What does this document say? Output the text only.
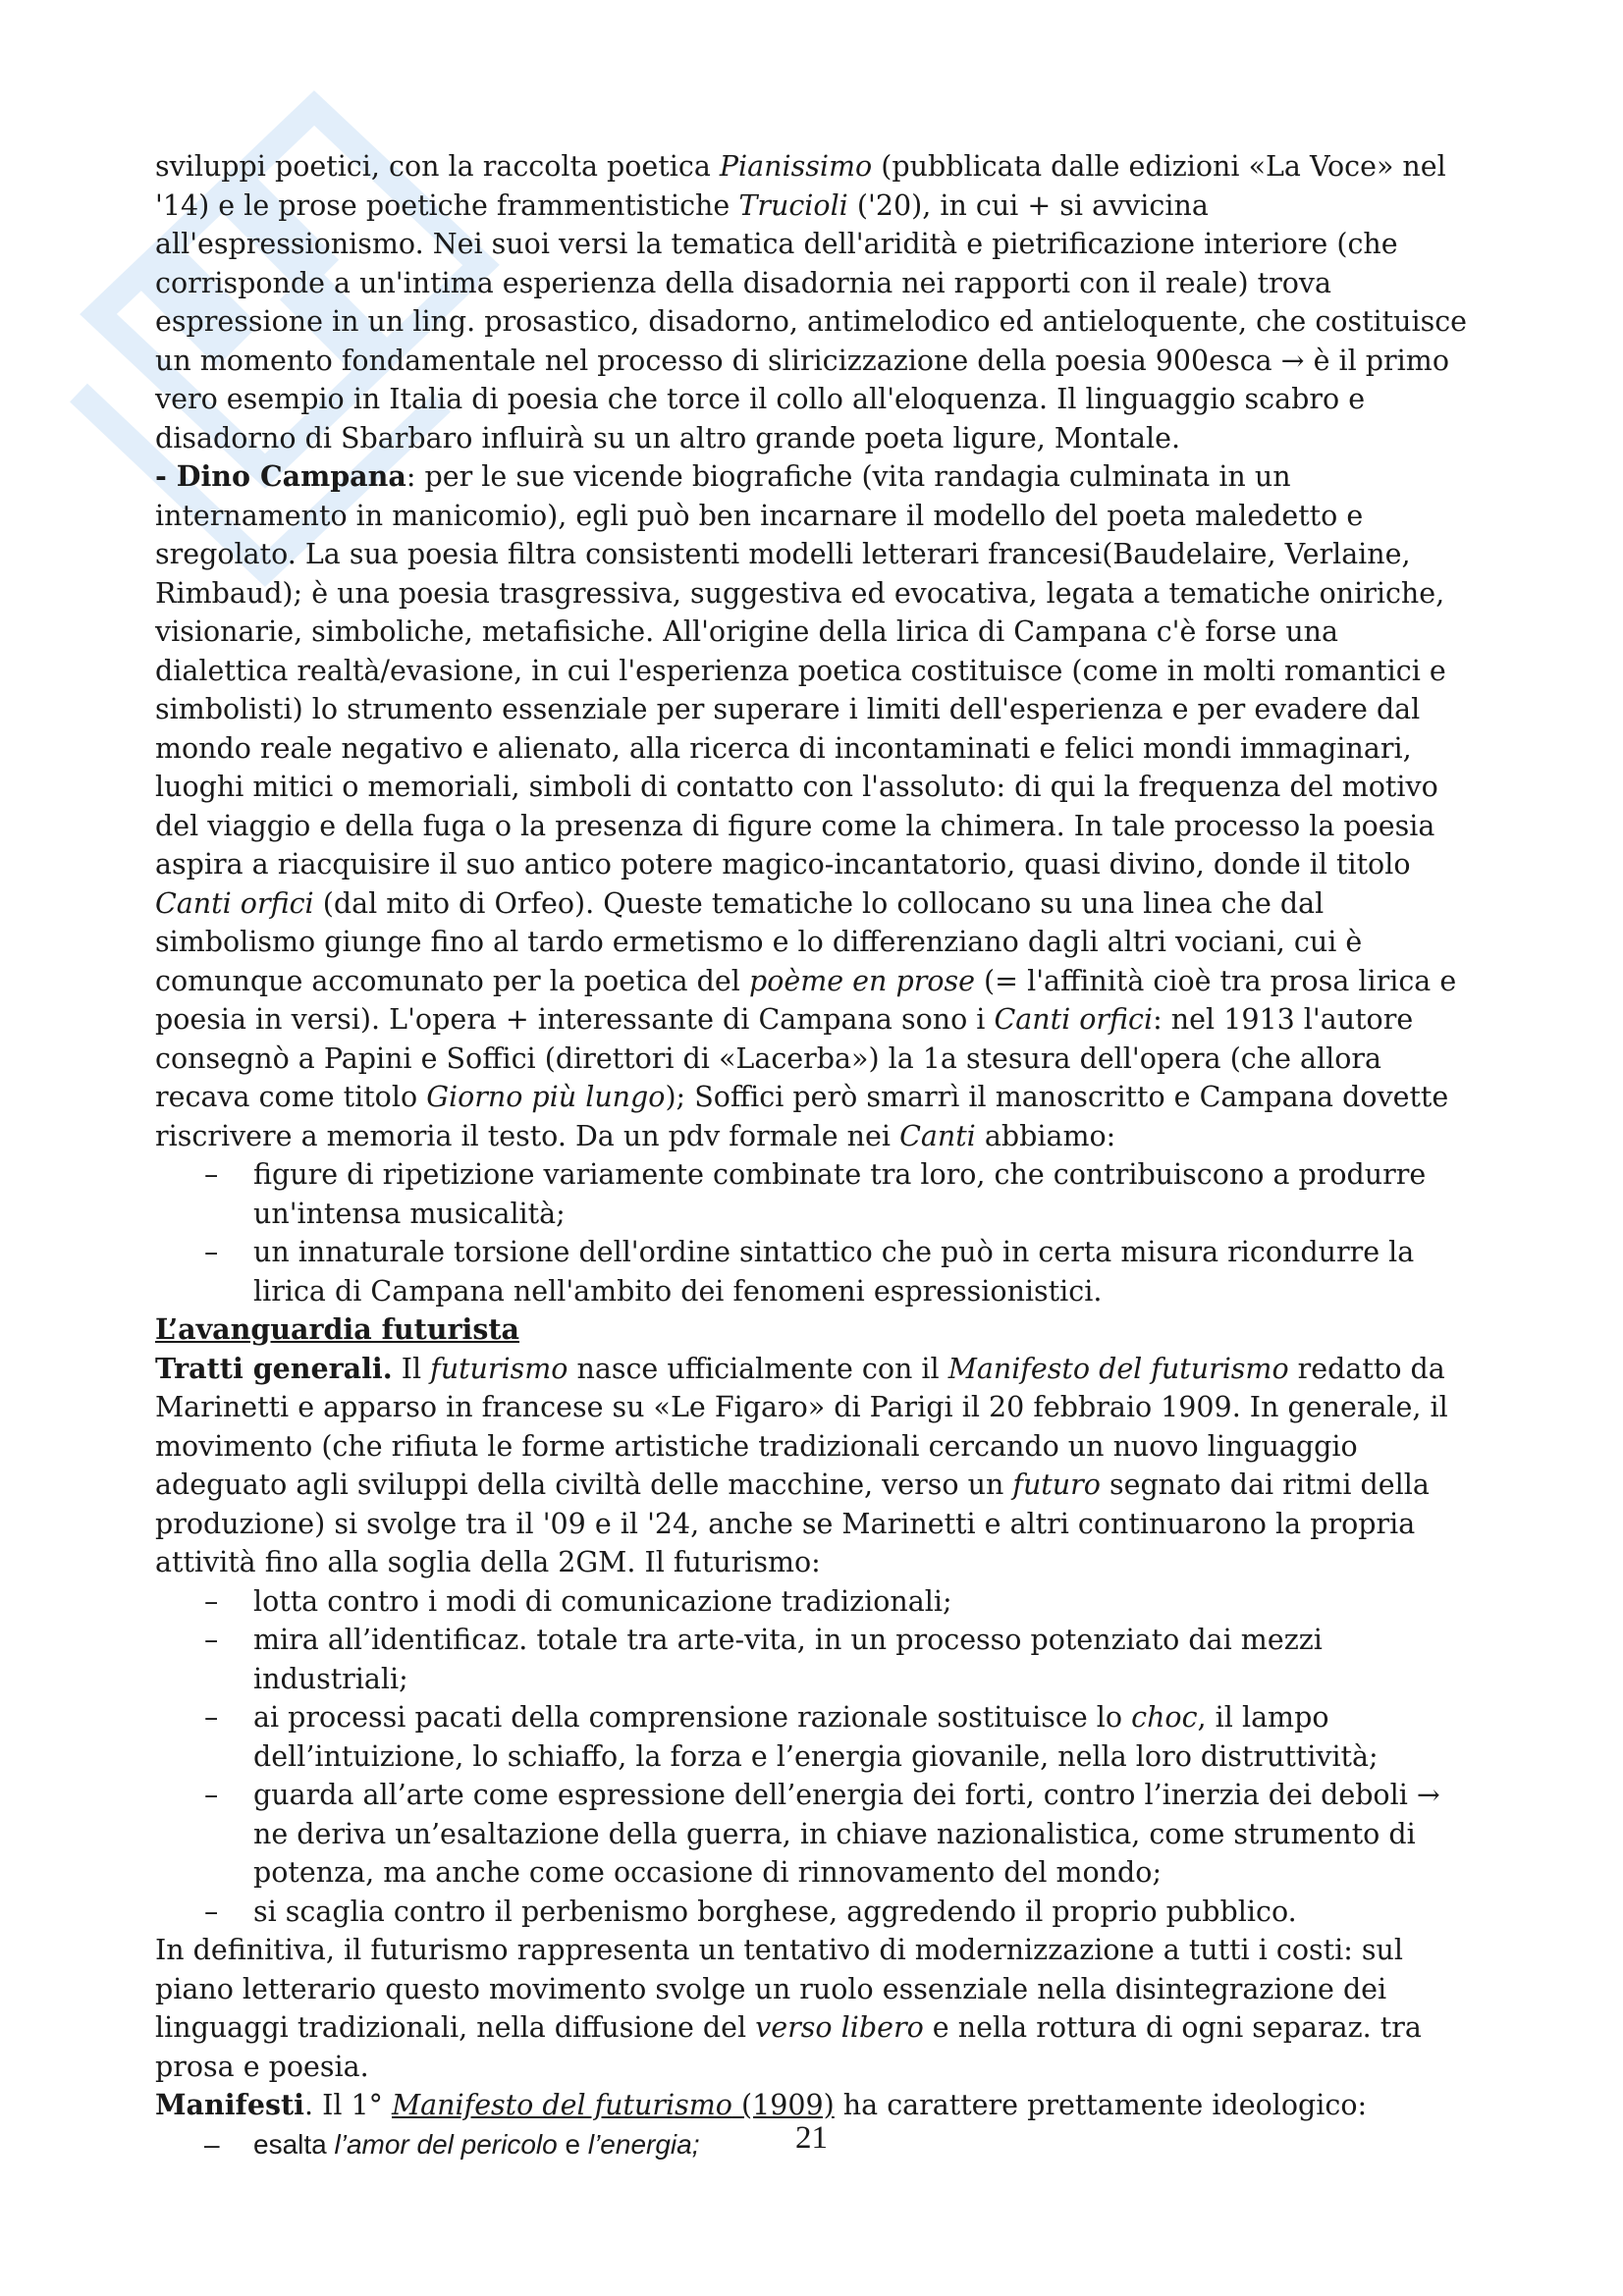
sviluppi poetici, con la raccolta poetica Pianissimo (pubblicata dalle edizioni «La Voce» nel '14) e le prose poetiche frammentistiche Trucioli ('20), in cui + si avvicina all'espressionismo. Nei suoi versi la tematica dell'aridità e pietrificazione interiore (che corrisponde a un'intima esperienza della disadornia nei rapporti con il reale) trova espressione in un ling. prosastico, disadorno, antimelodico ed antieloquente, che costituisce un momento fondamentale nel processo di sliricizzazione della poesia 900esca → è il primo vero esempio in Italia di poesia che torce il collo all'eloquenza. Il linguaggio scabro e disadorno di Sbarbaro influirà su un altro grande poeta ligure, Montale.

- Dino Campana: per le sue vicende biografiche (vita randagia culminata in un internamento in manicomio), egli può ben incarnare il modello del poeta maledetto e sregolato. La sua poesia filtra consistenti modelli letterari francesi(Baudelaire, Verlaine, Rimbaud); è una poesia trasgressiva, suggestiva ed evocativa, legata a tematiche oniriche, visionarie, simboliche, metafisiche. All'origine della lirica di Campana c'è forse una dialettica realtà/evasione, in cui l'esperienza poetica costituisce (come in molti romantici e simbolisti) lo strumento essenziale per superare i limiti dell'esperienza e per evadere dal mondo reale negativo e alienato, alla ricerca di incontaminati e felici mondi immaginari, luoghi mitici o memoriali, simboli di contatto con l'assoluto: di qui la frequenza del motivo del viaggio e della fuga o la presenza di figure come la chimera. In tale processo la poesia aspira a riacquisire il suo antico potere magico-incantatorio, quasi divino, donde il titolo Canti orfici (dal mito di Orfeo). Queste tematiche lo collocano su una linea che dal simbolismo giunge fino al tardo ermetismo e lo differenziano dagli altri vociani, cui è comunque accomunato per la poetica del poème en prose (= l'affinità cioè tra prosa lirica e poesia in versi). L'opera + interessante di Campana sono i Canti orfici: nel 1913 l'autore consegnò a Papini e Soffici (direttori di «Lacerba») la 1a stesura dell'opera (che allora recava come titolo Giorno più lungo); Soffici però smarrì il manoscritto e Campana dovette riscrivere a memoria il testo. Da un pdv formale nei Canti abbiamo:

– figure di ripetizione variamente combinate tra loro, che contribuiscono a produrre un'intensa musicalità;
– un innaturale torsione dell'ordine sintattico che può in certa misura ricondurre la lirica di Campana nell'ambito dei fenomeni espressionistici.

L’avanguardia futurista

Tratti generali. Il futurismo nasce ufficialmente con il Manifesto del futurismo redatto da Marinetti e apparso in francese su «Le Figaro» di Parigi il 20 febbraio 1909. In generale, il movimento (che rifiuta le forme artistiche tradizionali cercando un nuovo linguaggio adeguato agli sviluppi della civiltà delle macchine, verso un futuro segnato dai ritmi della produzione) si svolge tra il '09 e il '24, anche se Marinetti e altri continuarono la propria attività fino alla soglia della 2GM. Il futurismo:

– lotta contro i modi di comunicazione tradizionali;
– mira all’identificaz. totale tra arte-vita, in un processo potenziato dai mezzi industriali;
– ai processi pacati della comprensione razionale sostituisce lo choc, il lampo dell’intuizione, lo schiaffo, la forza e l’energia giovanile, nella loro distruttività;
– guarda all’arte come espressione dell’energia dei forti, contro l’inerzia dei deboli → ne deriva un’esaltazione della guerra, in chiave nazionalistica, come strumento di potenza, ma anche come occasione di rinnovamento del mondo;
– si scaglia contro il perbenismo borghese, aggredendo il proprio pubblico.

In definitiva, il futurismo rappresenta un tentativo di modernizzazione a tutti i costi: sul piano letterario questo movimento svolge un ruolo essenziale nella disintegrazione dei linguaggi tradizionali, nella diffusione del verso libero e nella rottura di ogni separaz. tra prosa e poesia.

Manifesti. Il 1° Manifesto del futurismo (1909) ha carattere prettamente ideologico:

– esalta l’amor del pericolo e l’energia;	21
